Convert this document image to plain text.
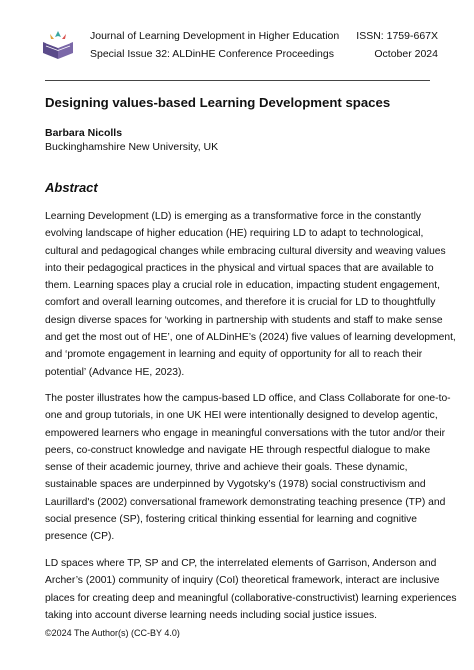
Journal of Learning Development in Higher Education ISSN: 1759-667X
Special Issue 32: ALDinHE Conference Proceedings	October 2024
Designing values-based Learning Development spaces
Barbara Nicolls
Buckinghamshire New University, UK
Abstract
Learning Development (LD) is emerging as a transformative force in the constantly
evolving landscape of higher education (HE) requiring LD to adapt to technological,
cultural and pedagogical changes while embracing cultural diversity and weaving values
into their pedagogical practices in the physical and virtual spaces that are available to
them. Learning spaces play a crucial role in education, impacting student engagement,
comfort and overall learning outcomes, and therefore it is crucial for LD to thoughtfully
design diverse spaces for ‘working in partnership with students and staff to make sense
and get the most out of HE’, one of ALDinHE’s (2024) five values of learning development,
and ‘promote engagement in learning and equity of opportunity for all to reach their
potential’ (Advance HE, 2023).
The poster illustrates how the campus-based LD office, and Class Collaborate for one-to-
one and group tutorials, in one UK HEI were intentionally designed to develop agentic,
empowered learners who engage in meaningful conversations with the tutor and/or their
peers, co-construct knowledge and navigate HE through respectful dialogue to make
sense of their academic journey, thrive and achieve their goals. These dynamic,
sustainable spaces are underpinned by Vygotsky’s (1978) social constructivism and
Laurillard's (2002) conversational framework demonstrating teaching presence (TP) and
social presence (SP), fostering critical thinking essential for learning and cognitive
presence (CP).
LD spaces where TP, SP and CP, the interrelated elements of Garrison, Anderson and
Archer’s (2001) community of inquiry (CoI) theoretical framework, interact are inclusive
places for creating deep and meaningful (collaborative-constructivist) learning experiences
taking into account diverse learning needs including social justice issues.
©2024 The Author(s) (CC-BY 4.0)
